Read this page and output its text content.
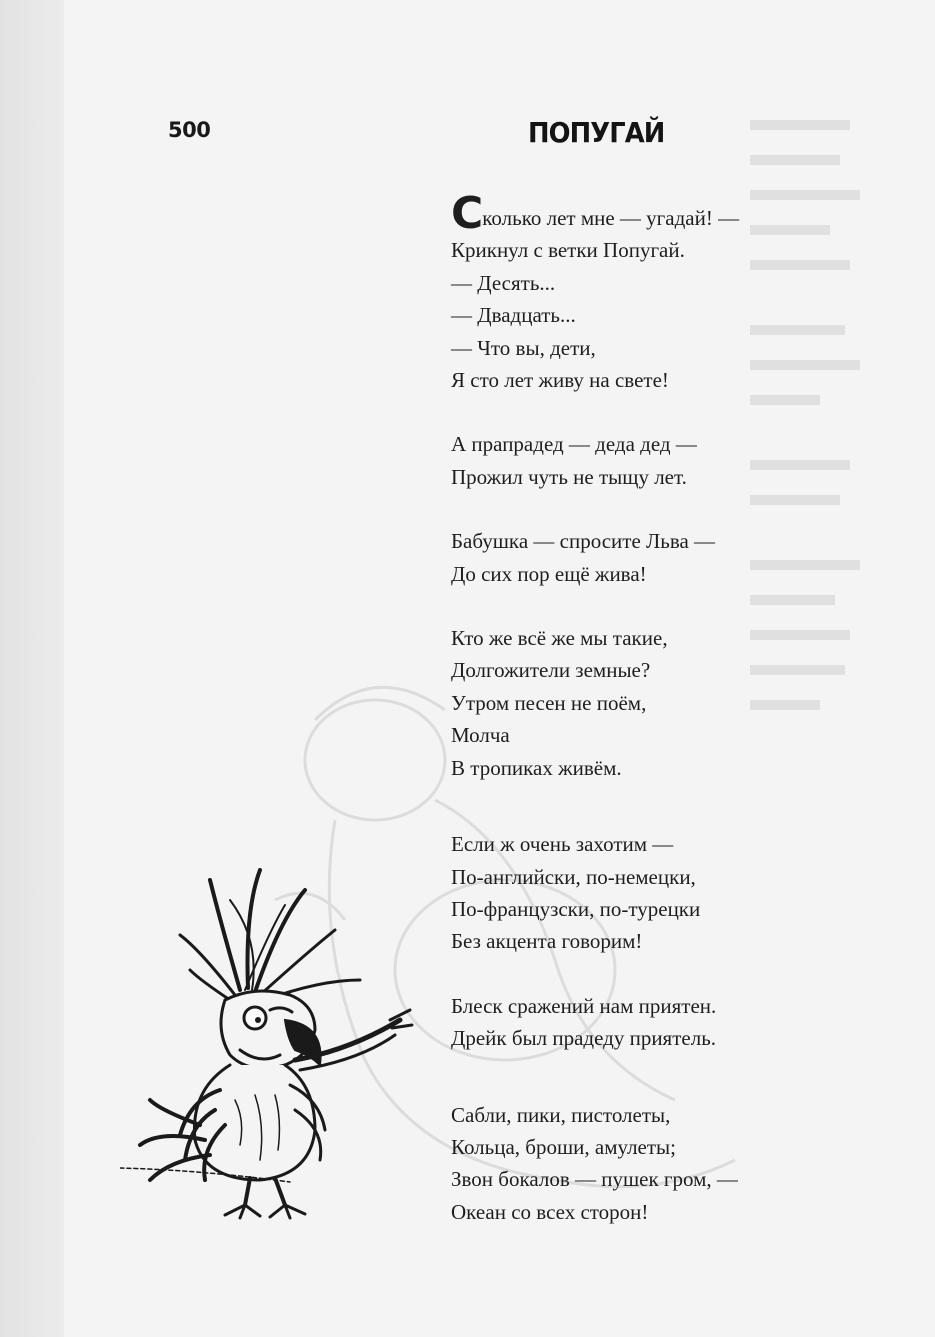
500	ПОПУГАЙ
Сколько лет мне — угадай! —
Крикнул с ветки Попугай.
— Десять...
— Двадцать...
— Что вы, дети,
Я сто лет живу на свете!
А прапрадед — деда дед —
Прожил чуть не тыщу лет.
Бабушка — спросите Льва —
До сих пор ещё жива!
Кто же всё же мы такие,
Долгожители земные?
Утром песен не поём,
Молча
В тропиках живём.
Если ж очень захотим —
По-английски, по-немецки,
По-французски, по-турецки
Без акцента говорим!
Блеск сражений нам приятен.
Дрейк был прадеду приятель.
Сабли, пики, пистолеты,
Кольца, броши, амулеты;
Звон бокалов — пушек гром, —
Океан со всех сторон!
